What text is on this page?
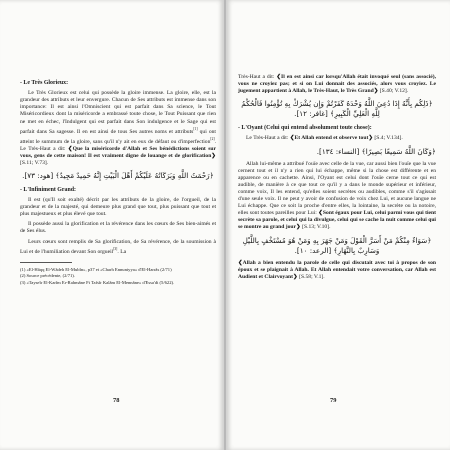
- Le Très Glorieux:

Le Très Glorieux est celui qui possède la gloire immense. La gloire, elle, est la grandeur des attributs et leur envergure. Chacun de Ses attributs est immense dans son importance: Il est ainsi l'Omniscient qui est parfait dans Sa science, le Tout Miséricordieux dont la miséricorde a embrassé toute chose, le Tout Puissant que rien ne met en échec, l'Indulgent qui est parfait dans Son indulgence et le Sage qui est parfait dans Sa sagesse. Il en est ainsi de tous Ses autres noms et attributs[1] qui ont atteint le summum de la gloire, sans qu'il n'y ait en eux de défaut ou d'imperfection[2]. Le Très-Haut a dit: ❮Que la miséricorde d'Allah et Ses bénédictions soient sur vous, gens de cette maison! Il est vraiment digne de louange et de glorification❯ [S.11; V.73].

﴿رَحْمَتُ اللَّهِ وَبَرَكَاتُهُ عَلَيْكُمْ أَهْلَ الْبَيْتِ إِنَّهُ حَمِيدٌ مَجِيدٌ﴾ [هود: ٧٣].
- L'Infiniment Grand:

Il est (qu'Il soit exalté) décrit par les attributs de la gloire, de l'orgueil, de la grandeur et de la majesté, qui demeure plus grand que tout, plus puissant que tout et plus majestueux et plus élevé que tout.

Il possède aussi la glorification et la révérence dans les cœurs de Ses bien-aimés et de Ses élus.

Leurs cœurs sont remplis de Sa glorification, de Sa révérence, de la soumission à Lui et de l'humiliation devant Son orgueil[3]. La

(1) «El-Hâqq El-Wâdeh El-Mubîn», p37 et «Charh Ennuniyya» d'El-Harrâs (2/71)

(2) Source précédente, (2/71).

(3) «Tayseîr El-Karîm Er-Rahmâne Fi Tafsîr Kalâm El-Mennâne» d'Essa'di (5/622).

78

Très-Haut a dit: ❮Il en est ainsi car lorsqu'Allah était invoqué seul (sans associé), vous ne croyiez pas; et si on Lui donnait des associés, alors vous croyiez. Le jugement appartient à Allah, le Très-Haut, le Très Grand❯ [S.40; V.12].

﴿ذَلِكُم بِأَنَّهُ إِذَا دُعِيَ اللَّهُ وَحْدَهُ كَفَرْتُمْ وَإِن يُشْرَكْ بِهِ تُؤْمِنُوا فَالْحُكْمُ لِلَّهِ الْعَلِيِّ الْكَبِيرِ﴾ [غافر: ١٢].
- L'Oyant (Celui qui entend absolument toute chose):

Le Très-Haut a dit: ❮Et Allah entend et observe tout❯ [S.4; V.134].

﴿وَكَانَ اللَّهُ سَمِيعًا بَصِيرًا﴾ [النساء: ١٣٤].

Allah lui-même a attribué l'ouïe avec celle de la vue, car aussi bien l'ouïe que la vue cernent tout et il n'y a rien qui lui échappe, même si la chose est différente et en apparence ou en cachette. Ainsi, l'Oyant est celui dont l'ouïe cerne tout ce qui est audible, de manière à ce que tout ce qu'il y a dans le monde supérieur et inférieur, comme voix, Il les entend, qu'elles soient secrètes ou audibles, comme s'il s'agissait d'une seule voix. Il ne peut y avoir de confusion de voix chez Lui, et aucune langue ne Lui échappe. Que ce soit la proche d'entre elles, la lointaine, la secrète ou la notoire, elles sont toutes pareilles pour Lui: ❮Sont égaux pour Lui, celui parmi vous qui tient secrète sa parole, et celui qui la divulgue, celui qui se cache la nuit comme celui qui se montre au grand jour❯ [S.13; V.10].

﴿سَوَاءٌ مِنْكُمْ مَنْ أَسَرَّ الْقَوْلَ وَمَنْ جَهَرَ بِهِ وَمَنْ هُوَ مُسْتَخْفٍ بِاللَّيْلِ وَسَارِبٌ بِالنَّهَارِ﴾ [الرعد: ١٠].

❮Allah a bien entendu la parole de celle qui discutait avec toi à propos de son époux et se plaignait à Allah. Et Allah entendait votre conversation, car Allah est Audient et Clairvoyant❯ [S.58; V.1].

79
